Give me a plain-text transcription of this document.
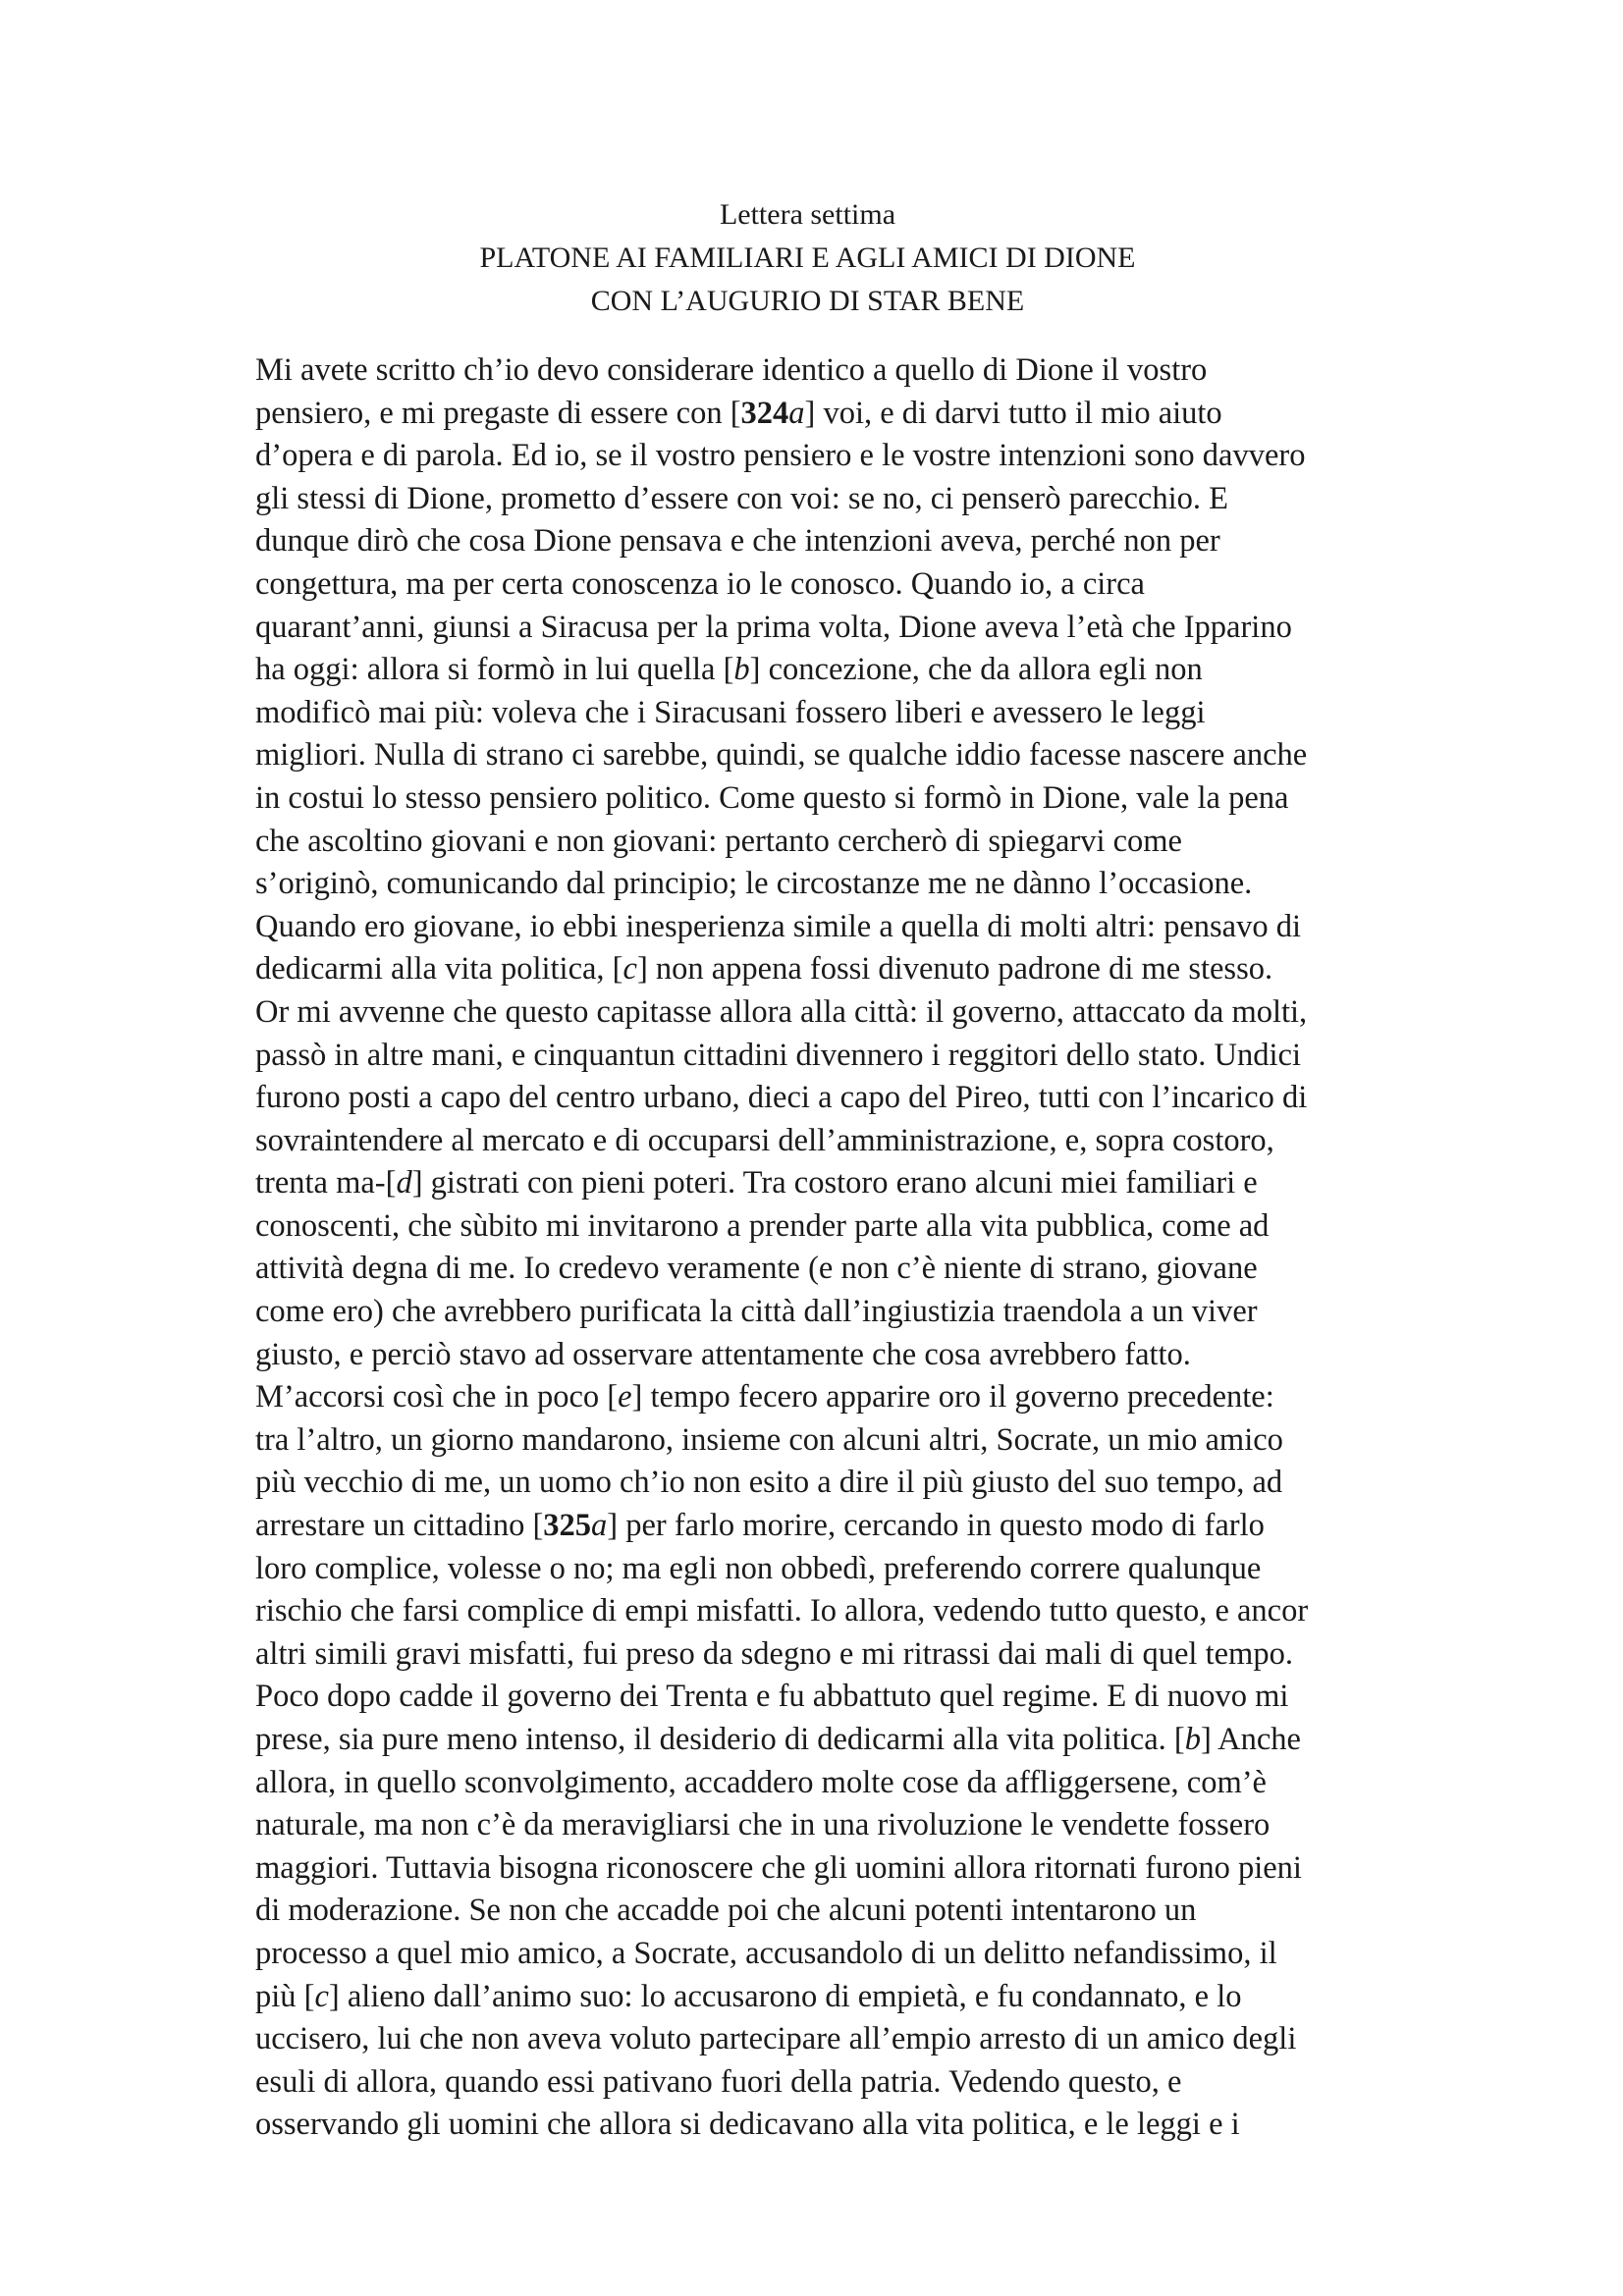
Lettera settima
PLATONE AI FAMILIARI E AGLI AMICI DI DIONE
CON L’AUGURIO DI STAR BENE
Mi avete scritto ch’io devo considerare identico a quello di Dione il vostro
pensiero, e mi pregaste di essere con [324a] voi, e di darvi tutto il mio aiuto
d’opera e di parola. Ed io, se il vostro pensiero e le vostre intenzioni sono davvero
gli stessi di Dione, prometto d’essere con voi: se no, ci penserò parecchio. E
dunque dirò che cosa Dione pensava e che intenzioni aveva, perché non per
congettura, ma per certa conoscenza io le conosco. Quando io, a circa
quarant’anni, giunsi a Siracusa per la prima volta, Dione aveva l’età che Ipparino
ha oggi: allora si formò in lui quella [b] concezione, che da allora egli non
modificò mai più: voleva che i Siracusani fossero liberi e avessero le leggi
migliori. Nulla di strano ci sarebbe, quindi, se qualche iddio facesse nascere anche
in costui lo stesso pensiero politico. Come questo si formò in Dione, vale la pena
che ascoltino giovani e non giovani: pertanto cercherò di spiegarvi come
s’originò, comunicando dal principio; le circostanze me ne dànno l’occasione.
Quando ero giovane, io ebbi inesperienza simile a quella di molti altri: pensavo di
dedicarmi alla vita politica, [c] non appena fossi divenuto padrone di me stesso.
Or mi avvenne che questo capitasse allora alla città: il governo, attaccato da molti,
passò in altre mani, e cinquantun cittadini divennero i reggitori dello stato. Undici
furono posti a capo del centro urbano, dieci a capo del Pireo, tutti con l’incarico di
sovraintendere al mercato e di occuparsi dell’amministrazione, e, sopra costoro,
trenta ma-[d] gistrati con pieni poteri. Tra costoro erano alcuni miei familiari e
conoscenti, che sùbito mi invitarono a prender parte alla vita pubblica, come ad
attività degna di me. Io credevo veramente (e non c’è niente di strano, giovane
come ero) che avrebbero purificata la città dall’ingiustizia traendola a un viver
giusto, e perciò stavo ad osservare attentamente che cosa avrebbero fatto.
M’accorsi così che in poco [e] tempo fecero apparire oro il governo precedente:
tra l’altro, un giorno mandarono, insieme con alcuni altri, Socrate, un mio amico
più vecchio di me, un uomo ch’io non esito a dire il più giusto del suo tempo, ad
arrestare un cittadino [325a] per farlo morire, cercando in questo modo di farlo
loro complice, volesse o no; ma egli non obbedì, preferendo correre qualunque
rischio che farsi complice di empi misfatti. Io allora, vedendo tutto questo, e ancor
altri simili gravi misfatti, fui preso da sdegno e mi ritrassi dai mali di quel tempo.
Poco dopo cadde il governo dei Trenta e fu abbattuto quel regime. E di nuovo mi
prese, sia pure meno intenso, il desiderio di dedicarmi alla vita politica. [b] Anche
allora, in quello sconvolgimento, accaddero molte cose da affliggersene, com’è
naturale, ma non c’è da meravigliarsi che in una rivoluzione le vendette fossero
maggiori. Tuttavia bisogna riconoscere che gli uomini allora ritornati furono pieni
di moderazione. Se non che accadde poi che alcuni potenti intentarono un
processo a quel mio amico, a Socrate, accusandolo di un delitto nefandissimo, il
più [c] alieno dall’animo suo: lo accusarono di empietà, e fu condannato, e lo
uccisero, lui che non aveva voluto partecipare all’empio arresto di un amico degli
esuli di allora, quando essi pativano fuori della patria. Vedendo questo, e
osservando gli uomini che allora si dedicavano alla vita politica, e le leggi e i
